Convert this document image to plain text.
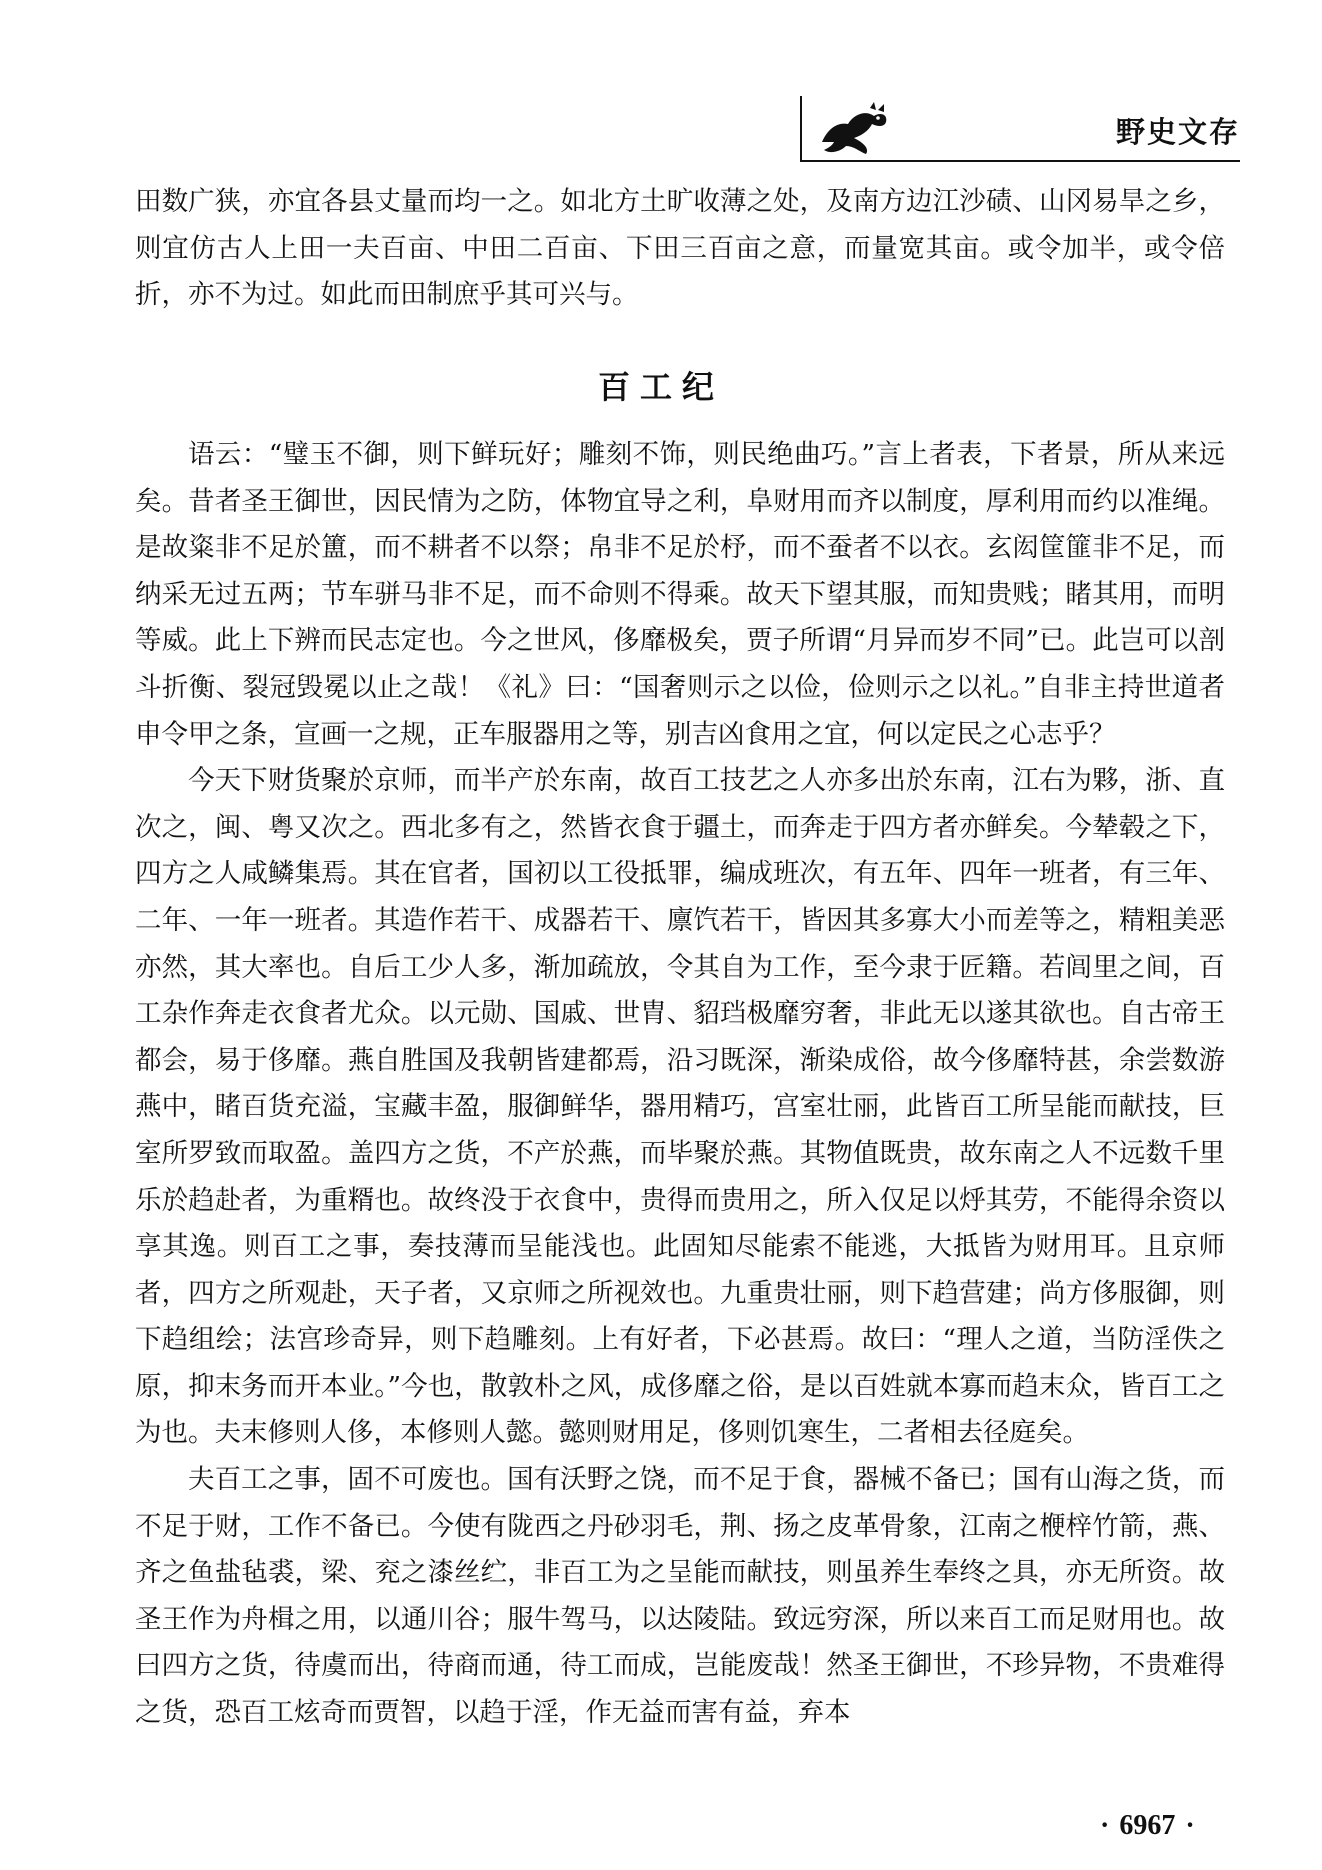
野史文存

田数广狭，亦宜各县丈量而均一之。如北方土旷收薄之处，及南方边江沙碛、山冈易旱之乡，则宜仿古人上田一夫百亩、中田二百亩、下田三百亩之意，而量宽其亩。或令加半，或令倍折，亦不为过。如此而田制庶乎其可兴与。

百工纪

语云：“璧玉不御，则下鲜玩好；雕刻不饰，则民绝曲巧。”言上者表，下者景，所从来远矣。昔者圣王御世，因民情为之防，体物宜导之利，阜财用而齐以制度，厚利用而约以准绳。是故粢非不足於簠，而不耕者不以祭；帛非不足於杼，而不蚕者不以衣。玄闳筐篚非不足，而纳采无过五两；节车骈马非不足，而不命则不得乘。故天下望其服，而知贵贱；睹其用，而明等威。此上下辨而民志定也。今之世风，侈靡极矣，贾子所谓“月异而岁不同”已。此岂可以剖斗折衡、裂冠毁冕以止之哉！《礼》曰：“国奢则示之以俭，俭则示之以礼。”自非主持世道者申令甲之条，宣画一之规，正车服器用之等，别吉凶食用之宜，何以定民之心志乎？

今天下财货聚於京师，而半产於东南，故百工技艺之人亦多出於东南，江右为夥，浙、直次之，闽、粤又次之。西北多有之，然皆衣食于疆土，而奔走于四方者亦鲜矣。今辇毂之下，四方之人咸鳞集焉。其在官者，国初以工役抵罪，编成班次，有五年、四年一班者，有三年、二年、一年一班者。其造作若干、成器若干、廪饩若干，皆因其多寡大小而差等之，精粗美恶亦然，其大率也。自后工少人多，渐加疏放，令其自为工作，至今隶于匠籍。若闾里之间，百工杂作奔走衣食者尤众。以元勋、国戚、世胄、貂珰极靡穷奢，非此无以遂其欲也。自古帝王都会，易于侈靡。燕自胜国及我朝皆建都焉，沿习既深，渐染成俗，故今侈靡特甚，余尝数游燕中，睹百货充溢，宝藏丰盈，服御鲜华，器用精巧，宫室壮丽，此皆百工所呈能而献技，巨室所罗致而取盈。盖四方之货，不产於燕，而毕聚於燕。其物值既贵，故东南之人不远数千里乐於趋赴者，为重糈也。故终没于衣食中，贵得而贵用之，所入仅足以烀其劳，不能得余资以享其逸。则百工之事，奏技薄而呈能浅也。此固知尽能索不能逃，大抵皆为财用耳。且京师者，四方之所观赴，天子者，又京师之所视效也。九重贵壮丽，则下趋营建；尚方侈服御，则下趋组绘；法宫珍奇异，则下趋雕刻。上有好者，下必甚焉。故曰：“理人之道，当防淫佚之原，抑末务而开本业。”今也，散敦朴之风，成侈靡之俗，是以百姓就本寡而趋末众，皆百工之为也。夫末修则人侈，本修则人懿。懿则财用足，侈则饥寒生，二者相去径庭矣。

夫百工之事，固不可废也。国有沃野之饶，而不足于食，器械不备已；国有山海之货，而不足于财，工作不备已。今使有陇西之丹砂羽毛，荆、扬之皮革骨象，江南之楩梓竹箭，燕、齐之鱼盐毡裘，梁、兖之漆丝纻，非百工为之呈能而献技，则虽养生奉终之具，亦无所资。故圣王作为舟楫之用，以通川谷；服牛驾马，以达陵陆。致远穷深，所以来百工而足财用也。故曰四方之货，待虞而出，待商而通，待工而成，岂能废哉！然圣王御世，不珍异物，不贵难得之货，恐百工炫奇而贾智，以趋于淫，作无益而害有益，弃本

· 6967 ·
